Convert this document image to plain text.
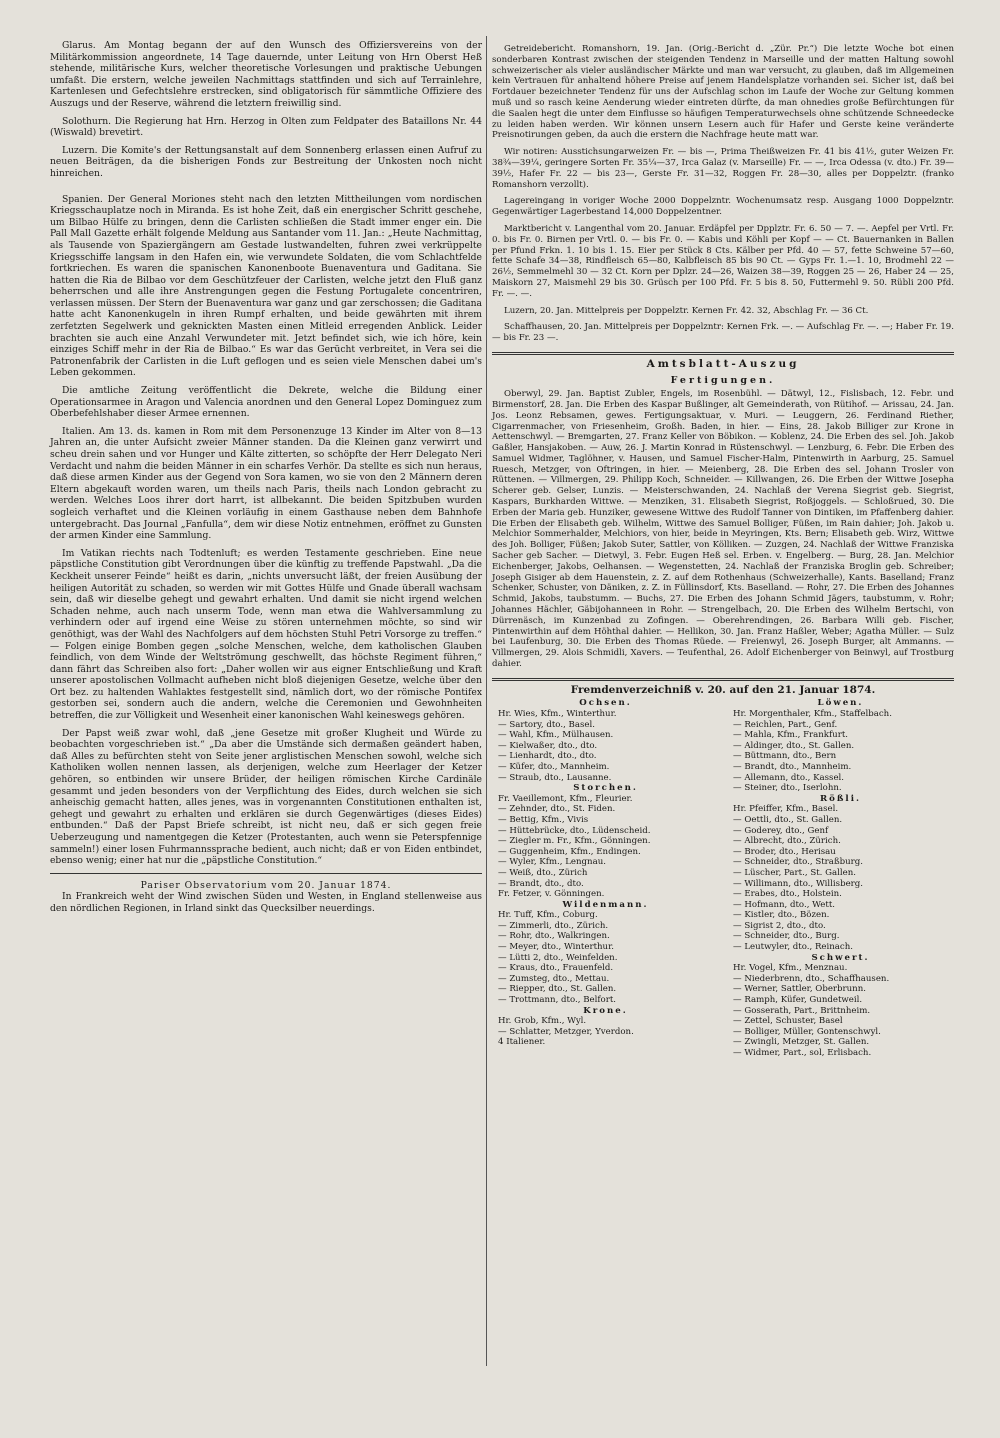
Glarus. Am Montag begann der auf den Wunsch des Offiziersvereins von der Militärkommission angeordnete, 14 Tage dauernde, unter Leitung von Hrn Oberst Heß stehende, militärische Kurs, welcher theoretische Vorlesungen und praktische Uebungen umfaßt. Die erstern, welche jeweilen Nachmittags stattfinden und sich auf Terrainlehre, Kartenlesen und Gefechtslehre erstrecken, sind obligatorisch für sämmtliche Offiziere des Auszugs und der Reserve, während die letztern freiwillig sind.

Solothurn. Die Regierung hat Hrn. Herzog in Olten zum Feldpater des Bataillons Nr. 44 (Wiswald) brevetirt.

Luzern. Die Komite's der Rettungsanstalt auf dem Sonnenberg erlassen einen Aufruf zu neuen Beiträgen, da die bisherigen Fonds zur Bestreitung der Unkosten noch nicht hinreichen.

Spanien. Der General Moriones steht nach den letzten Mittheilungen vom nordischen Kriegsschauplatze noch in Miranda. Es ist hohe Zeit, daß ein energischer Schritt geschehe, um Bilbao Hülfe zu bringen, denn die Carlisten schließen die Stadt immer enger ein. Die Pall Mall Gazette erhält folgende Meldung aus Santander vom 11. Jan.: „Heute Nachmittag, als Tausende von Spaziergängern am Gestade lustwandelten, fuhren zwei verkrüppelte Kriegsschiffe langsam in den Hafen ein, wie verwundete Soldaten, die vom Schlachtfelde fortkriechen. Es waren die spanischen Kanonenboote Buenaventura und Gaditana. Sie hatten die Ria de Bilbao vor dem Geschützfeuer der Carlisten, welche jetzt den Fluß ganz beherrschen und alle ihre Anstrengungen gegen die Festung Portugalete concentriren, verlassen müssen. Der Stern der Buenaventura war ganz und gar zerschossen; die Gaditana hatte acht Kanonenkugeln in ihren Rumpf erhalten, und beide gewährten mit ihrem zerfetzten Segelwerk und geknickten Masten einen Mitleid erregenden Anblick. Leider brachten sie auch eine Anzahl Verwundeter mit. Jetzt befindet sich, wie ich höre, kein einziges Schiff mehr in der Ria de Bilbao.“ Es war das Gerücht verbreitet, in Vera sei die Patronenfabrik der Carlisten in die Luft geflogen und es seien viele Menschen dabei um's Leben gekommen.

Die amtliche Zeitung veröffentlicht die Dekrete, welche die Bildung einer Operationsarmee in Aragon und Valencia anordnen und den General Lopez Dominguez zum Oberbefehlshaber dieser Armee ernennen.

Italien. Am 13. ds. kamen in Rom mit dem Personenzuge 13 Kinder im Alter von 8—13 Jahren an, die unter Aufsicht zweier Männer standen. Da die Kleinen ganz verwirrt und scheu drein sahen und vor Hunger und Kälte zitterten, so schöpfte der Herr Delegato Neri Verdacht und nahm die beiden Männer in ein scharfes Verhör. Da stellte es sich nun heraus, daß diese armen Kinder aus der Gegend von Sora kamen, wo sie von den 2 Männern deren Eltern abgekauft worden waren, um theils nach Paris, theils nach London gebracht zu werden. Welches Loos ihrer dort harrt, ist allbekannt. Die beiden Spitzbuben wurden sogleich verhaftet und die Kleinen vorläufig in einem Gasthause neben dem Bahnhofe untergebracht. Das Journal „Fanfulla“, dem wir diese Notiz entnehmen, eröffnet zu Gunsten der armen Kinder eine Sammlung.

Im Vatikan riechts nach Todtenluft; es werden Testamente geschrieben. Eine neue päpstliche Constitution gibt Verordnungen über die künftig zu treffende Papstwahl. „Da die Keckheit unserer Feinde“ heißt es darin, „nichts unversucht läßt, der freien Ausübung der heiligen Autorität zu schaden, so werden wir mit Gottes Hülfe und Gnade überall wachsam sein, daß wir dieselbe gehegt und gewahrt erhalten. Und damit sie nicht irgend welchen Schaden nehme, auch nach unserm Tode, wenn man etwa die Wahlversammlung zu verhindern oder auf irgend eine Weise zu stören unternehmen möchte, so sind wir genöthigt, was der Wahl des Nachfolgers auf dem höchsten Stuhl Petri Vorsorge zu treffen.“ — Folgen einige Bomben gegen „solche Menschen, welche, dem katholischen Glauben feindlich, von dem Winde der Weltströmung geschwellt, das höchste Regiment führen,“ dann fährt das Schreiben also fort: „Daher wollen wir aus eigner Entschließung und Kraft unserer apostolischen Vollmacht aufheben nicht bloß diejenigen Gesetze, welche über den Ort bez. zu haltenden Wahlaktes festgestellt sind, nämlich dort, wo der römische Pontifex gestorben sei, sondern auch die andern, welche die Ceremonien und Gewohnheiten betreffen, die zur Völligkeit und Wesenheit einer kanonischen Wahl keineswegs gehören.

Der Papst weiß zwar wohl, daß „jene Gesetze mit großer Klugheit und Würde zu beobachten vorgeschrieben ist.“ „Da aber die Umstände sich dermaßen geändert haben, daß Alles zu befürchten steht von Seite jener arglistischen Menschen sowohl, welche sich Katholiken wollen nennen lassen, als derjenigen, welche zum Heerlager der Ketzer gehören, so entbinden wir unsere Brüder, der heiligen römischen Kirche Cardinäle gesammt und jeden besonders von der Verpflichtung des Eides, durch welchen sie sich anheischig gemacht hatten, alles jenes, was in vorgenannten Constitutionen enthalten ist, gehegt und gewahrt zu erhalten und erklären sie durch Gegenwärtiges (dieses Eides) entbunden.“ Daß der Papst Briefe schreibt, ist nicht neu, daß er sich gegen freie Ueberzeugung und namentgegen die Ketzer (Protestanten, auch wenn sie Peterspfennige sammeln!) einer losen Fuhrmannssprache bedient, auch nicht; daß er von Eiden entbindet, ebenso wenig; einer hat nur die „päpstliche Constitution.“

Pariser Observatorium vom 20. Januar 1874.

In Frankreich weht der Wind zwischen Süden und Westen, in England stellenweise aus den nördlichen Regionen, in Irland sinkt das Quecksilber neuerdings.

Getreidebericht. Romanshorn, 19. Jan. (Orig.-Bericht d. „Zür. Pr.“) Die letzte Woche bot einen sonderbaren Kontrast zwischen der steigenden Tendenz in Marseille und der matten Haltung sowohl schweizerischer als vieler ausländischer Märkte und man war versucht, zu glauben, daß im Allgemeinen kein Vertrauen für anhaltend höhere Preise auf jenem Handelsplatze vorhanden sei. Sicher ist, daß bei Fortdauer bezeichneter Tendenz für uns der Aufschlag schon im Laufe der Woche zur Geltung kommen muß und so rasch keine Aenderung wieder eintreten dürfte, da man ohnedies große Befürchtungen für die Saalen hegt die unter dem Einflusse so häufigen Temperaturwechsels ohne schützende Schneedecke zu leiden haben werden. Wir können unsern Lesern auch für Hafer und Gerste keine veränderte Preisnotirungen geben, da auch die erstern die Nachfrage heute matt war.

Wir notiren: Ausstichsungarweizen Fr. — bis —, Prima Theißweizen Fr. 41 bis 41½, guter Weizen Fr. 38¾—39¼, geringere Sorten Fr. 35¼—37, Irca Galaz (v. Marseille) Fr. — —, Irca Odessa (v. dto.) Fr. 39—39½, Hafer Fr. 22 — bis 23—, Gerste Fr. 31—32, Roggen Fr. 28—30, alles per Doppelztr. (franko Romanshorn verzollt).

Lagereingang in voriger Woche 2000 Doppelzntr. Wochenumsatz resp. Ausgang 1000 Doppelzntr. Gegenwärtiger Lagerbestand 14,000 Doppelzentner.

Marktbericht v. Langenthal vom 20. Januar. Erdäpfel per Dpplztr. Fr. 6. 50 — 7. —. Aepfel per Vrtl. Fr. 0. bis Fr. 0. Birnen per Vrtl. 0. — bis Fr. 0. — Kabis und Köhli per Kopf — — Ct. Bauernanken in Ballen per Pfund Frkn. 1. 10 bis 1. 15. Eier per Stück 8 Cts. Kälber per Pfd. 40 — 57, fette Schweine 57—60, fette Schafe 34—38, Rindfleisch 65—80, Kalbfleisch 85 bis 90 Ct. — Gyps Fr. 1.—1. 10, Brodmehl 22 — 26½, Semmelmehl 30 — 32 Ct. Korn per Dplzr. 24—26, Waizen 38—39, Roggen 25 — 26, Haber 24 — 25, Maiskorn 27, Maismehl 29 bis 30. Grüsch per 100 Pfd. Fr. 5 bis 8. 50, Futtermehl 9. 50. Rübli 200 Pfd. Fr. —. —.

Luzern, 20. Jan. Mittelpreis per Doppelztr. Kernen Fr. 42. 32, Abschlag Fr. — 36 Ct.

Schaffhausen, 20. Jan. Mittelpreis per Doppelzntr: Kernen Frk. —. — Aufschlag Fr. —. —; Haber Fr. 19. — bis Fr. 23 —.

Amtsblatt-Auszug
Fertigungen.

Oberwyl, 29. Jan. Baptist Zubler, Engels, im Rosenbühl. — Dätwyl, 12., Fislisbach, 12. Febr. und Birmenstorf, 28. Jan. Die Erben des Kaspar Bußlinger, alt Gemeinderath, von Rütihof. — Arissau, 24. Jan. Jos. Leonz Rebsamen, gewes. Fertigungsaktuar, v. Muri. — Leuggern, 26. Ferdinand Riether, Cigarrenmacher, von Friesenheim, Großh. Baden, in hier. — Eins, 28. Jakob Billiger zur Krone in Aettenschwyl. — Bremgarten, 27. Franz Keller von Böbikon. — Koblenz, 24. Die Erben des sel. Joh. Jakob Gaßler, Hansjakoben. — Auw, 26. J. Martin Konrad in Rüstenschwyl. — Lenzburg, 6. Febr. Die Erben des Samuel Widmer, Taglöhner, v. Hausen, und Samuel Fischer-Halm, Pintenwirth in Aarburg, 25. Samuel Ruesch, Metzger, von Oftringen, in hier. — Meienberg, 28. Die Erben des sel. Johann Trosler von Rüttenen. — Villmergen, 29. Philipp Koch, Schneider. — Killwangen, 26. Die Erben der Wittwe Josepha Scherer geb. Gelser, Lunzis. — Meisterschwanden, 24. Nachlaß der Verena Siegrist geb. Siegrist, Kaspars, Burkharden Wittwe. — Menziken, 31. Elisabeth Siegrist, Roßjoggels. — Schloßrued, 30. Die Erben der Maria geb. Hunziker, gewesene Wittwe des Rudolf Tanner von Dintiken, im Pfaffenberg dahier. Die Erben der Elisabeth geb. Wilhelm, Wittwe des Samuel Bolliger, Füßen, im Rain dahier; Joh. Jakob u. Melchior Sommerhalder, Melchiors, von hier, beide in Meyringen, Kts. Bern; Elisabeth geb. Wirz, Wittwe des Joh. Bolliger, Füßen; Jakob Suter, Sattler, von Kölliken. — Zuzgen, 24. Nachlaß der Wittwe Franziska Sacher geb Sacher. — Dietwyl, 3. Febr. Eugen Heß sel. Erben. v. Engelberg. — Burg, 28. Jan. Melchior Eichenberger, Jakobs, Oelhansen. — Wegenstetten, 24. Nachlaß der Franziska Broglin geb. Schreiber; Joseph Gisiger ab dem Hauenstein, z. Z. auf dem Rothenhaus (Schweizerhalle), Kants. Baselland; Franz Schenker, Schuster, von Däniken, z. Z. in Füllinsdorf, Kts. Baselland. — Rohr, 27. Die Erben des Johannes Schmid, Jakobs, taubstumm. — Buchs, 27. Die Erben des Johann Schmid Jägers, taubstumm, v. Rohr; Johannes Hächler, Gäbijohanneen in Rohr. — Strengelbach, 20. Die Erben des Wilhelm Bertschi, von Dürrenäsch, im Kunzenbad zu Zofingen. — Oberehrendingen, 26. Barbara Willi geb. Fischer, Pintenwirthin auf dem Höhthal dahier. — Hellikon, 30. Jan. Franz Haßler, Weber; Agatha Müller. — Sulz bei Laufenburg, 30. Die Erben des Thomas Rüede. — Freienwyl, 26. Joseph Burger, alt Ammanns. — Villmergen, 29. Alois Schmidli, Xavers. — Teufenthal, 26. Adolf Eichenberger von Beinwyl, auf Trostburg dahier.

Fremdenverzeichniß v. 20. auf den 21. Januar 1874.
Ochsen.
Hr. Wies, Kfm., Winterthur.
— Sartory, dto., Basel.
— Wahl, Kfm., Mülhausen.
— Kielwaßer, dto., dto.
— Lienhardt, dto., dto.
— Küfer, dto., Mannheim.
— Straub, dto., Lausanne.
Storchen.
Fr. Vaeillemont, Kfm., Fleurier.
— Zehnder, dto., St. Fiden.
— Bettig, Kfm., Vivis
— Hüttebrücke, dto., Lüdenscheid.
— Ziegler m. Fr., Kfm., Gönningen.
— Guggenheim, Kfm., Endingen.
— Wyler, Kfm., Lengnau.
— Weiß, dto., Zürich
— Brandt, dto., dto.
Fr. Fetzer, v. Gönningen.
Wildenmann.
Hr. Tuff, Kfm., Coburg.
— Zimmerli, dto., Zürich.
— Rohr, dto., Walkringen.
— Meyer, dto., Winterthur.
— Lütti 2, dto., Weinfelden.
— Kraus, dto., Frauenfeld.
— Zumsteg, dto., Mettau.
— Riepper, dto., St. Gallen.
— Trottmann, dto., Belfort.
Krone.
Hr. Grob, Kfm., Wyl.
— Schlatter, Metzger, Yverdon.
4 Italiener.
Löwen.
Hr. Morgenthaler, Kfm., Staffelbach.
— Reichlen, Part., Genf.
— Mahla, Kfm., Frankfurt.
— Aldinger, dto., St. Gallen.
— Büttmann, dto., Bern
— Brandt, dto., Mannheim.
— Allemann, dto., Kassel.
— Steiner, dto., Iserlohn.
Rößli.
Hr. Pfeiffer, Kfm., Basel.
— Oettli, dto., St. Gallen.
— Goderey, dto., Genf
— Albrecht, dto., Zürich.
— Broder, dto., Herisau
— Schneider, dto., Straßburg.
— Lüscher, Part., St. Gallen.
— Willimann, dto., Willisberg.
— Erabes, dto., Holstein.
— Hofmann, dto., Wett.
— Kistler, dto., Bözen.
— Sigrist 2, dto., dto.
— Schneider, dto., Burg.
— Leutwyler, dto., Reinach.
Schwert.
Hr. Vogel, Kfm., Menznau.
— Niederbrenn, dto., Schaffhausen.
— Werner, Sattler, Oberbrunn.
— Ramph, Küfer, Gundetweil.
— Gosserath, Part., Brittnheim.
— Zettel, Schuster, Basel
— Bolliger, Müller, Gontenschwyl.
— Zwingli, Metzger, St. Gallen.
— Widmer, Part., sol, Erlisbach.
